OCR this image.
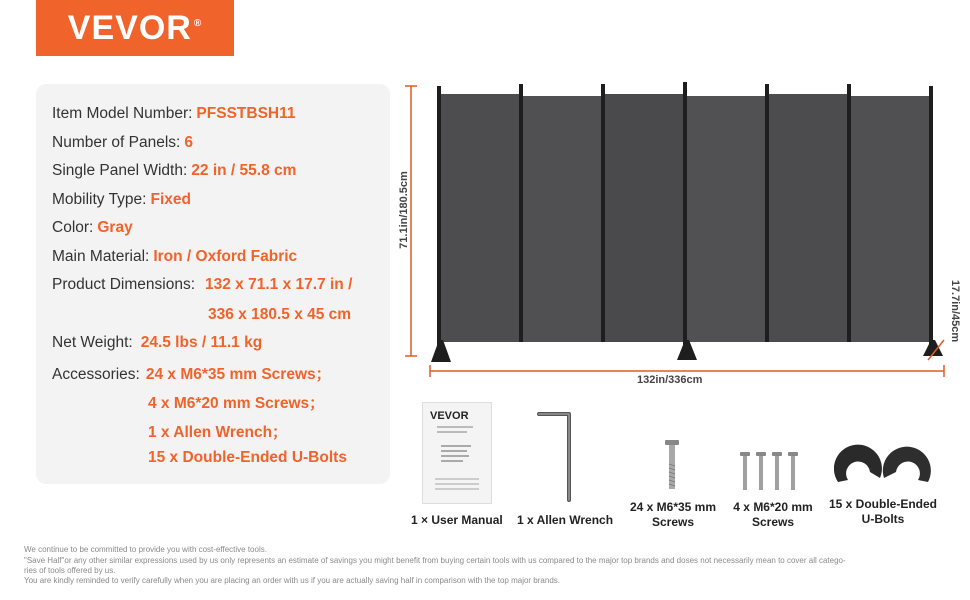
VEVOR ®
Item Model Number: PFSSTBSH11
Number of Panels: 6
Single Panel Width: 22 in / 55.8 cm
Mobility Type: Fixed
Color: Gray
Main Material: Iron / Oxford Fabric
Product Dimensions: 132 x 71.1 x 17.7 in /
336 x 180.5 x 45 cm
Net Weight: 24.5 lbs / 11.1 kg
Accessories: 24 x M6*35 mm Screws；
4 x M6*20 mm Screws；
1 x Allen Wrench；
15 x Double-Ended U-Bolts
71.1in/180.5cm
132in/336cm
17.7in/45cm
VEVOR
1 × User Manual 1 x Allen Wrench
24 x M6*35 mm
Screws
4 x M6*20 mm
Screws
15 x Double-Ended
U-Bolts
We continue to be committed to provide you with cost-effective tools.
"Save Half"or any other similar expressions used by us only represents an estimate of savings you might benefit from buying certain tools with us compared to the major top brands and doses not necessarily mean to cover all catego-
ries of tools offered by us.
You are kindly reminded to verify carefully when you are placing an order with us if you are actually saving half in comparison with the top major brands.
